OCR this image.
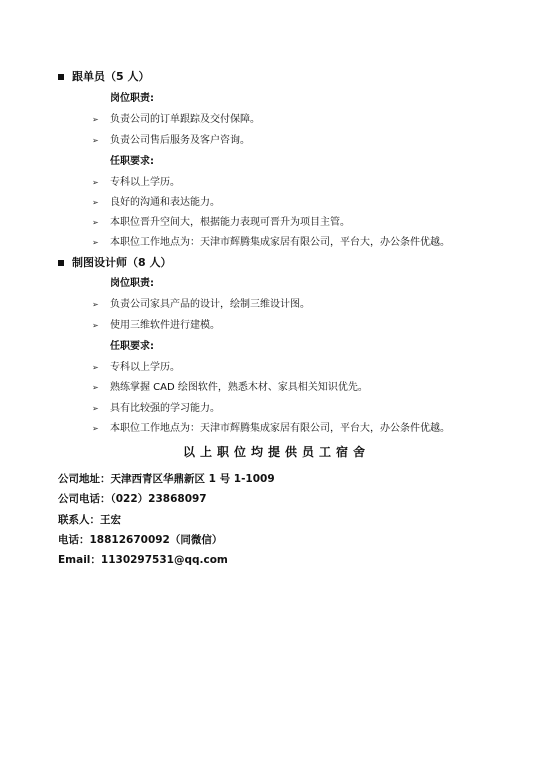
跟单员（5 人）
岗位职责:
➢	负责公司的订单跟踪及交付保障。
➢	负责公司售后服务及客户咨询。
任职要求:
➢	专科以上学历。
➢	良好的沟通和表达能力。
➢	本职位晋升空间大，根据能力表现可晋升为项目主管。
➢	本职位工作地点为：天津市辉腾集成家居有限公司，平台大，办公条件优越。
制图设计师（8 人）
岗位职责:
➢	负责公司家具产品的设计，绘制三维设计图。
➢	使用三维软件进行建模。
任职要求:
➢	专科以上学历。
➢	熟练掌握 CAD 绘图软件，熟悉木材、家具相关知识优先。
➢	具有比较强的学习能力。
➢	本职位工作地点为：天津市辉腾集成家居有限公司，平台大，办公条件优越。
以上职位均提供员工宿舍
公司地址：天津西青区华鼎新区 1 号 1-1009
公司电话：（022）23868097
联系人：王宏
电话：18812670092（同微信）
Email：1130297531@qq.com
